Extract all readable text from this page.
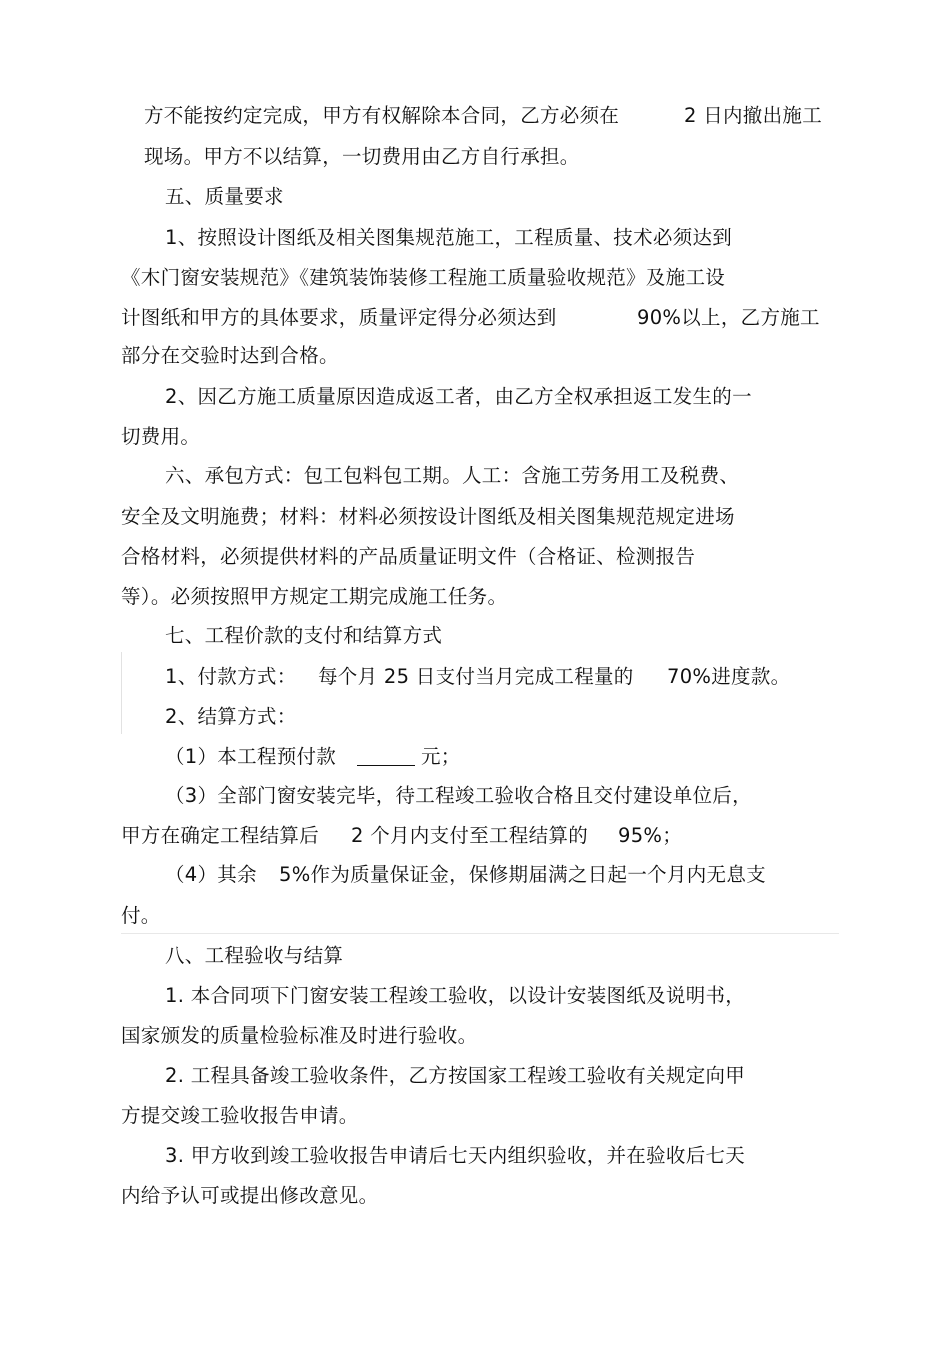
方不能按约定完成，甲方有权解除本合同，乙方必须在	2 日内撤出施工
现场。甲方不以结算，一切费用由乙方自行承担。
五、质量要求
1、按照设计图纸及相关图集规范施工，工程质量、技术必须达到
《木门窗安装规范》《建筑装饰装修工程施工质量验收规范》及施工设
计图纸和甲方的具体要求，质量评定得分必须达到	90%以上，乙方施工
部分在交验时达到合格。
2、因乙方施工质量原因造成返工者，由乙方全权承担返工发生的一
切费用。
六、承包方式：包工包料包工期。人工：含施工劳务用工及税费、
安全及文明施费；材料：材料必须按设计图纸及相关图集规范规定进场
合格材料，必须提供材料的产品质量证明文件（合格证、检测报告
等）。必须按照甲方规定工期完成施工任务。
七、工程价款的支付和结算方式
1、付款方式： 每个月 25 日支付当月完成工程量的 70%进度款。
2、结算方式：
（1）本工程预付款	元；
（3）全部门窗安装完毕，待工程竣工验收合格且交付建设单位后，
甲方在确定工程结算后 2 个月内支付至工程结算的 95%；
（4）其余 5%作为质量保证金，保修期届满之日起一个月内无息支
付。
八、工程验收与结算
1. 本合同项下门窗安装工程竣工验收，以设计安装图纸及说明书，
国家颁发的质量检验标准及时进行验收。
2. 工程具备竣工验收条件，乙方按国家工程竣工验收有关规定向甲
方提交竣工验收报告申请。
3. 甲方收到竣工验收报告申请后七天内组织验收，并在验收后七天
内给予认可或提出修改意见。
